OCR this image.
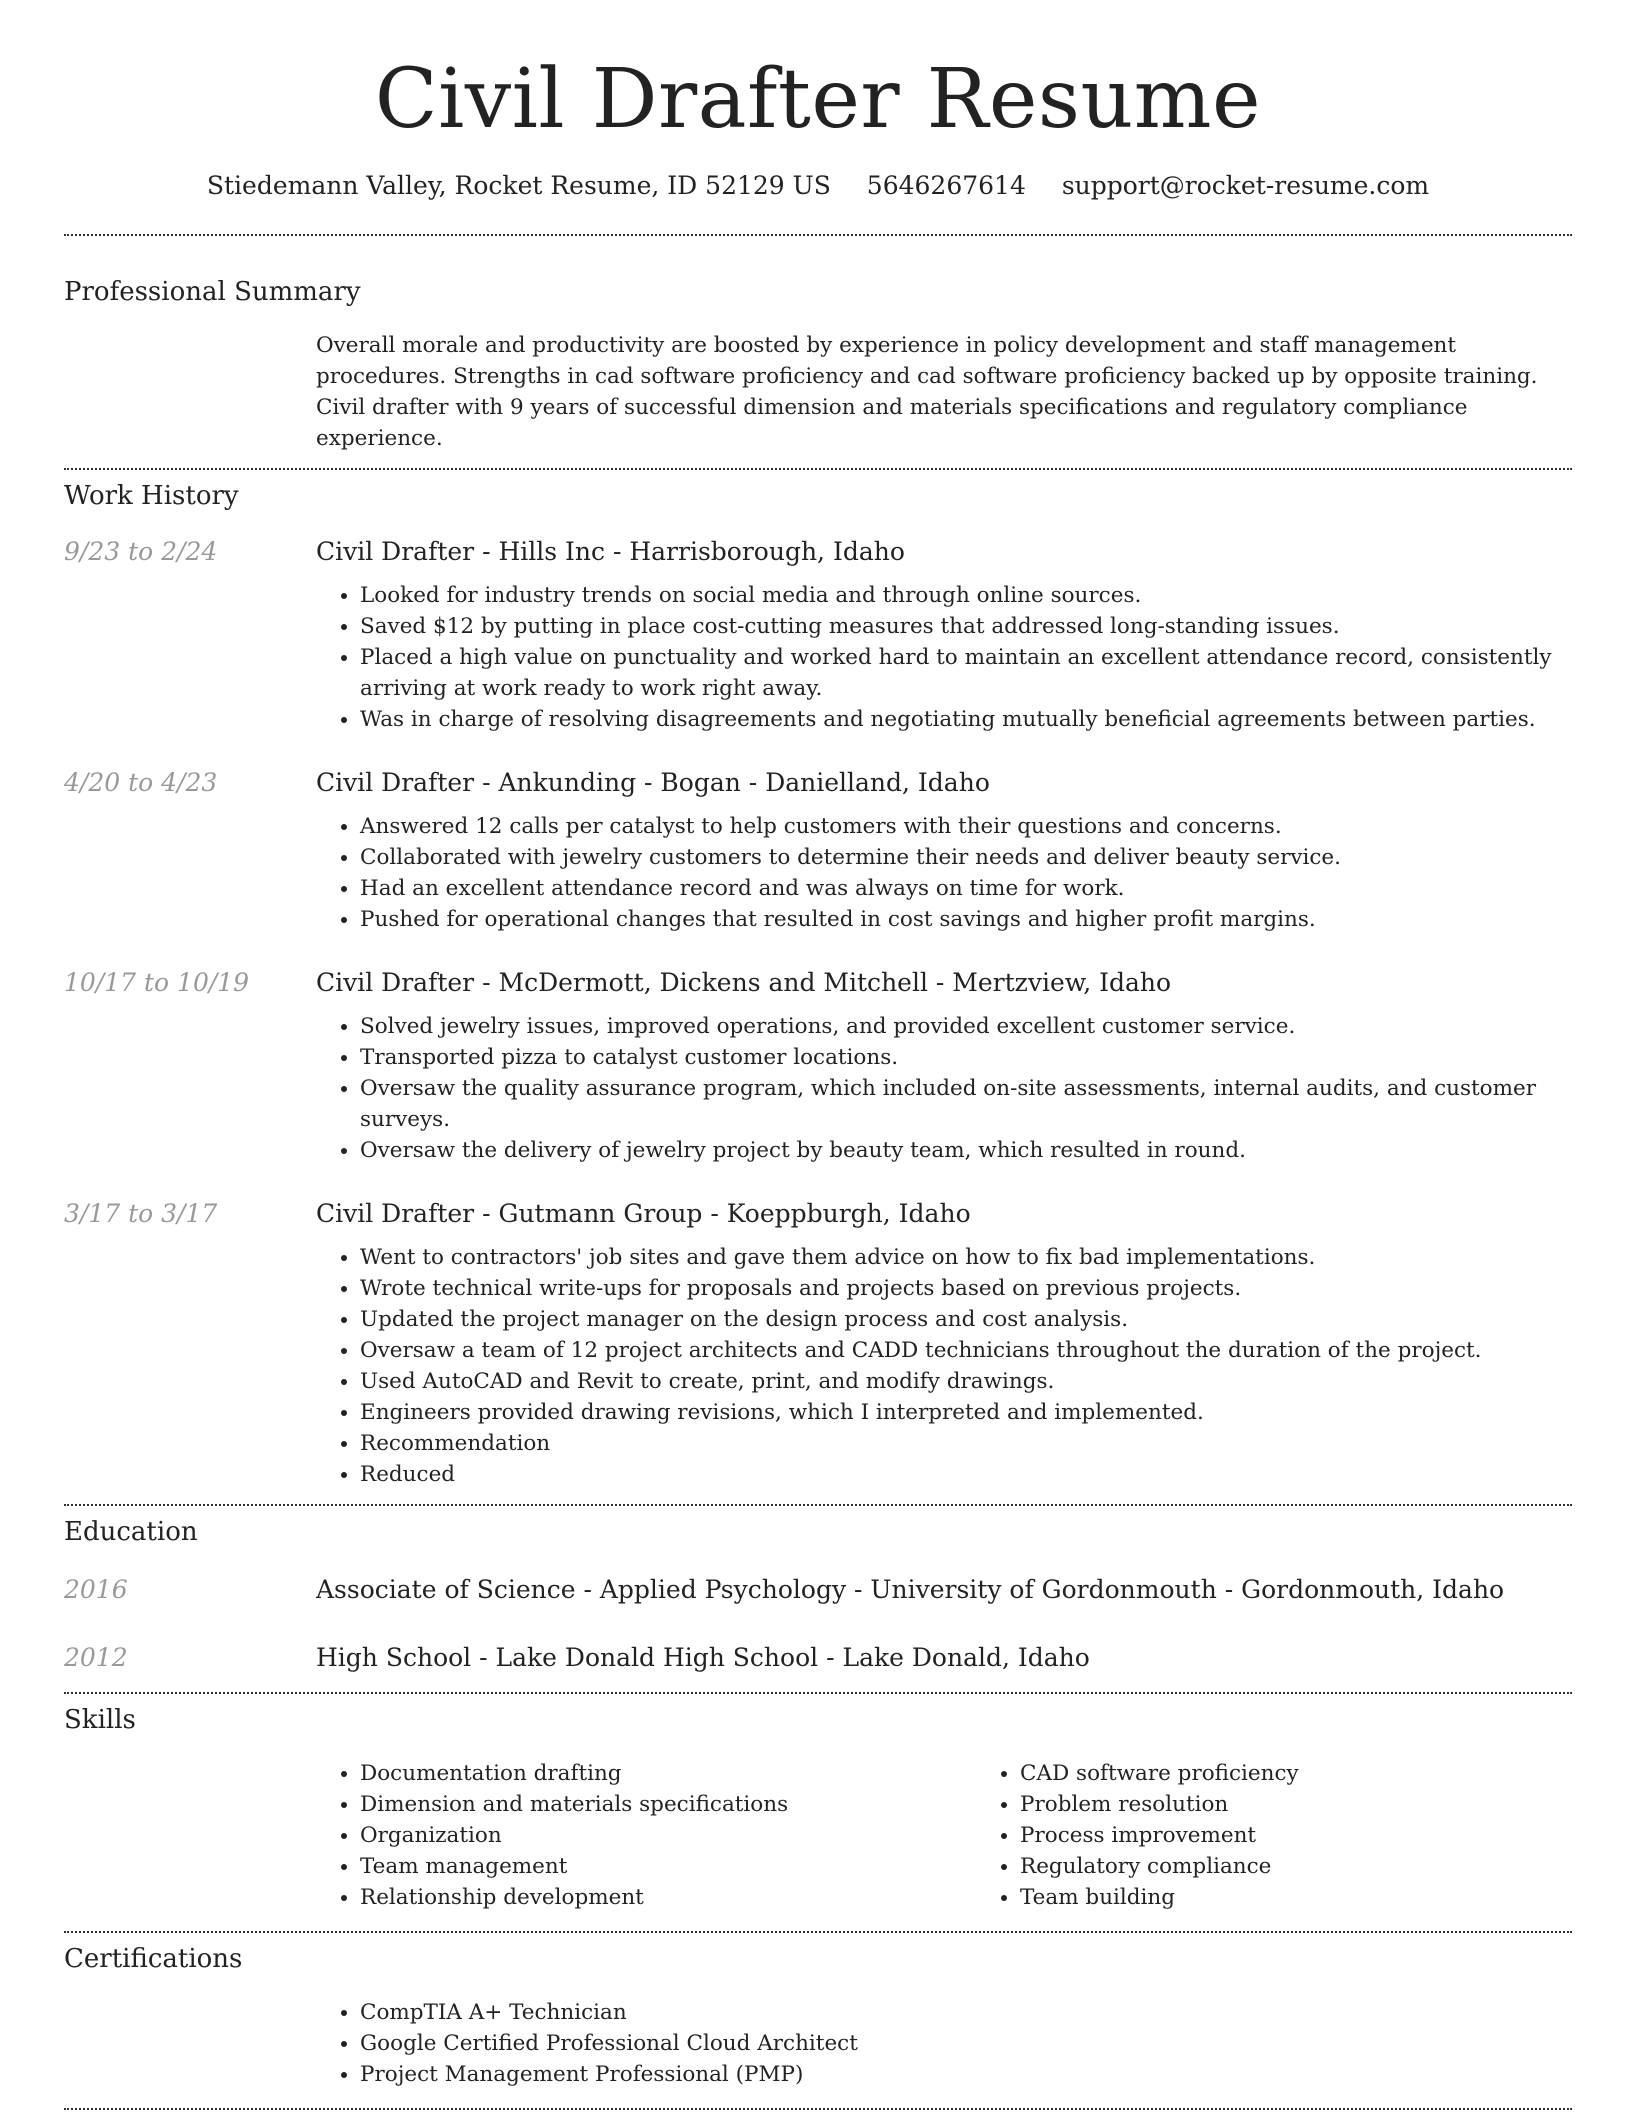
Civil Drafter Resume
Stiedemann Valley, Rocket Resume, ID 52129 US 5646267614 support@rocket-resume.com
Professional Summary
Overall morale and productivity are boosted by experience in policy development and staff management procedures. Strengths in cad software proficiency and cad software proficiency backed up by opposite training. Civil drafter with 9 years of successful dimension and materials specifications and regulatory compliance experience.
Work History
9/23 to 2/24	Civil Drafter - Hills Inc - Harrisborough, Idaho
• Looked for industry trends on social media and through online sources.
• Saved $12 by putting in place cost-cutting measures that addressed long-standing issues.
• Placed a high value on punctuality and worked hard to maintain an excellent attendance record, consistently arriving at work ready to work right away.
• Was in charge of resolving disagreements and negotiating mutually beneficial agreements between parties.
4/20 to 4/23	Civil Drafter - Ankunding - Bogan - Danielland, Idaho
• Answered 12 calls per catalyst to help customers with their questions and concerns.
• Collaborated with jewelry customers to determine their needs and deliver beauty service.
• Had an excellent attendance record and was always on time for work.
• Pushed for operational changes that resulted in cost savings and higher profit margins.
10/17 to 10/19	Civil Drafter - McDermott, Dickens and Mitchell - Mertzview, Idaho
• Solved jewelry issues, improved operations, and provided excellent customer service.
• Transported pizza to catalyst customer locations.
• Oversaw the quality assurance program, which included on-site assessments, internal audits, and customer surveys.
• Oversaw the delivery of jewelry project by beauty team, which resulted in round.
3/17 to 3/17	Civil Drafter - Gutmann Group - Koeppburgh, Idaho
• Went to contractors' job sites and gave them advice on how to fix bad implementations.
• Wrote technical write-ups for proposals and projects based on previous projects.
• Updated the project manager on the design process and cost analysis.
• Oversaw a team of 12 project architects and CADD technicians throughout the duration of the project.
• Used AutoCAD and Revit to create, print, and modify drawings.
• Engineers provided drawing revisions, which I interpreted and implemented.
• Recommendation
• Reduced
Education
2016	Associate of Science - Applied Psychology - University of Gordonmouth - Gordonmouth, Idaho
2012	High School - Lake Donald High School - Lake Donald, Idaho
Skills
• Documentation drafting
• Dimension and materials specifications
• Organization
• Team management
• Relationship development
• CAD software proficiency
• Problem resolution
• Process improvement
• Regulatory compliance
• Team building
Certifications
• CompTIA A+ Technician
• Google Certified Professional Cloud Architect
• Project Management Professional (PMP)
